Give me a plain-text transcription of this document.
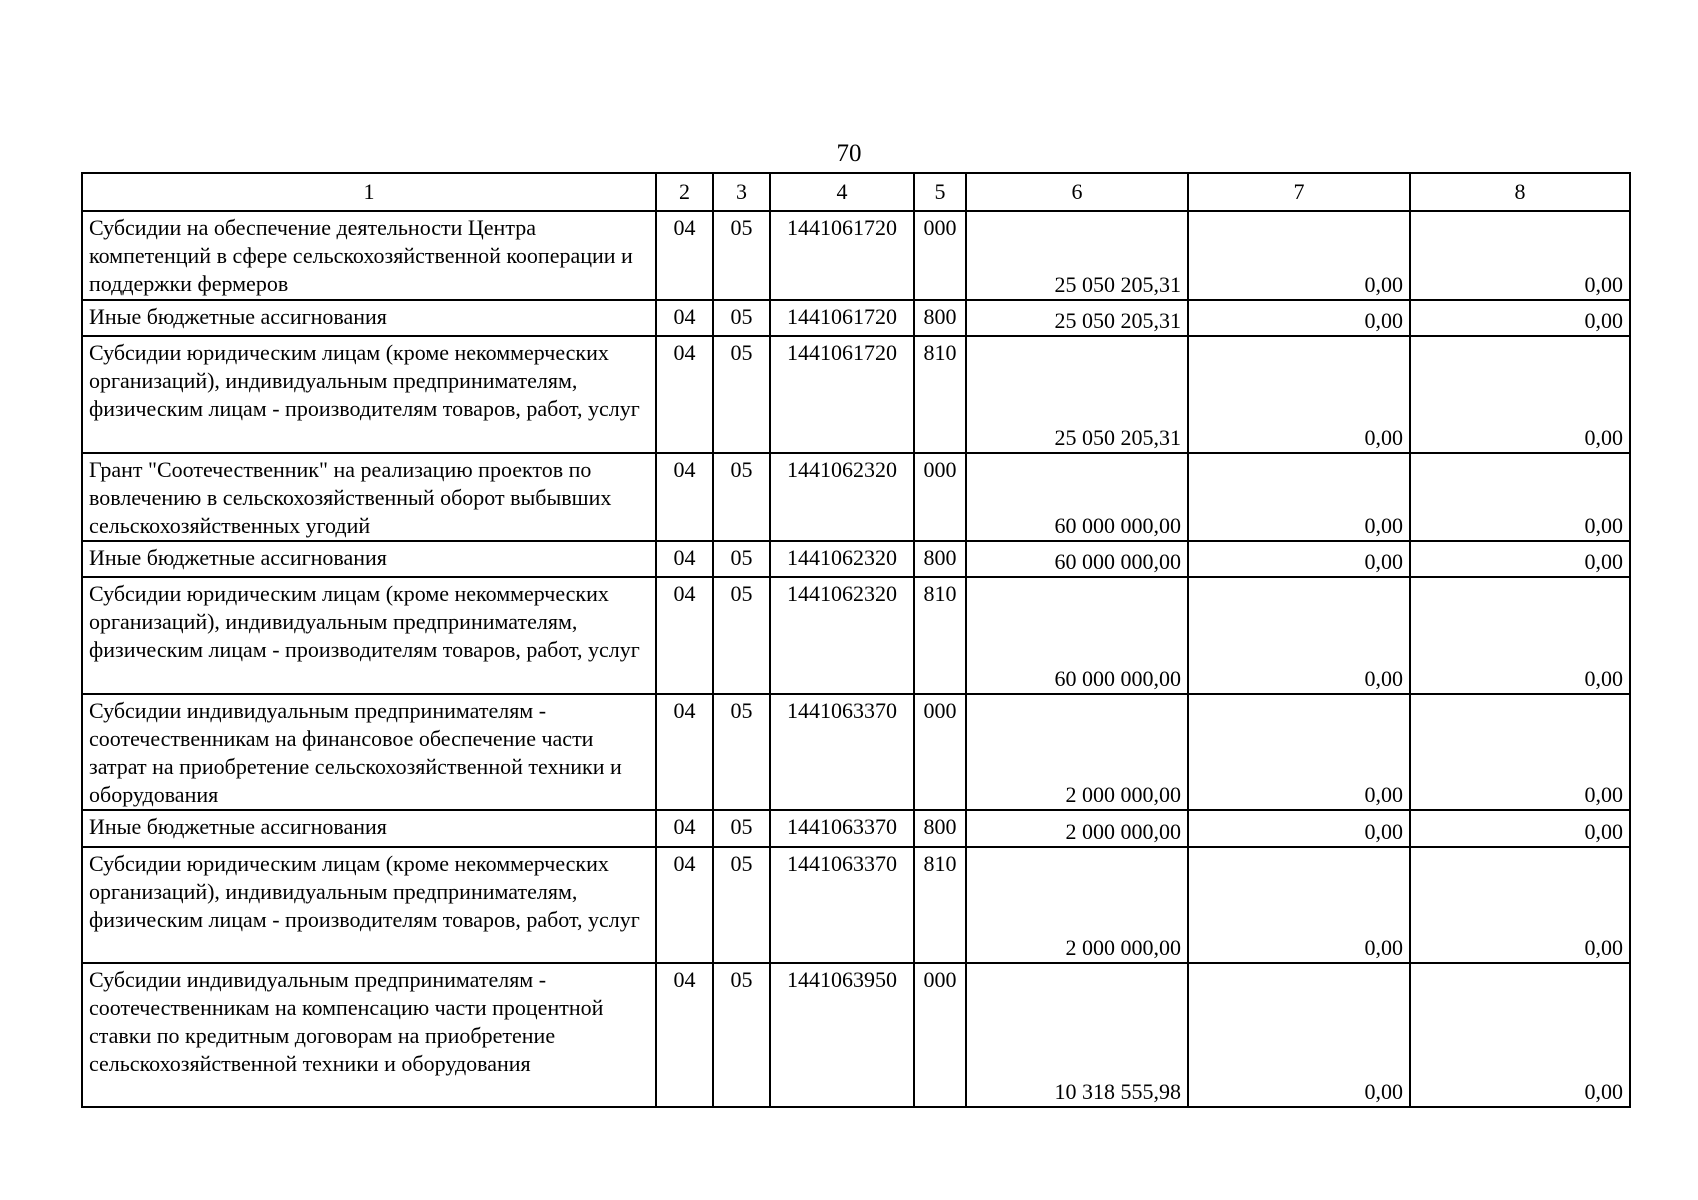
70
1	2	3	4	5	6	7	8
Субсидии на обеспечение деятельности Центра компетенций в сфере сельскохозяйственной кооперации и поддержки фермеров	04	05	1441061720	000	25 050 205,31	0,00	0,00
Иные бюджетные ассигнования	04	05	1441061720	800	25 050 205,31	0,00	0,00
Субсидии юридическим лицам (кроме некоммерческих организаций), индивидуальным предпринимателям, физическим лицам - производителям товаров, работ, услуг	04	05	1441061720	810	25 050 205,31	0,00	0,00
Грант "Соотечественник" на реализацию проектов по вовлечению в сельскохозяйственный оборот выбывших сельскохозяйственных угодий	04	05	1441062320	000	60 000 000,00	0,00	0,00
Иные бюджетные ассигнования	04	05	1441062320	800	60 000 000,00	0,00	0,00
Субсидии юридическим лицам (кроме некоммерческих организаций), индивидуальным предпринимателям, физическим лицам - производителям товаров, работ, услуг	04	05	1441062320	810	60 000 000,00	0,00	0,00
Субсидии индивидуальным предпринимателям - соотечественникам на финансовое обеспечение части затрат на приобретение сельскохозяйственной техники и оборудования	04	05	1441063370	000	2 000 000,00	0,00	0,00
Иные бюджетные ассигнования	04	05	1441063370	800	2 000 000,00	0,00	0,00
Субсидии юридическим лицам (кроме некоммерческих организаций), индивидуальным предпринимателям, физическим лицам - производителям товаров, работ, услуг	04	05	1441063370	810	2 000 000,00	0,00	0,00
Субсидии индивидуальным предпринимателям - соотечественникам на компенсацию части процентной ставки по кредитным договорам на приобретение сельскохозяйственной техники и оборудования	04	05	1441063950	000	10 318 555,98	0,00	0,00
